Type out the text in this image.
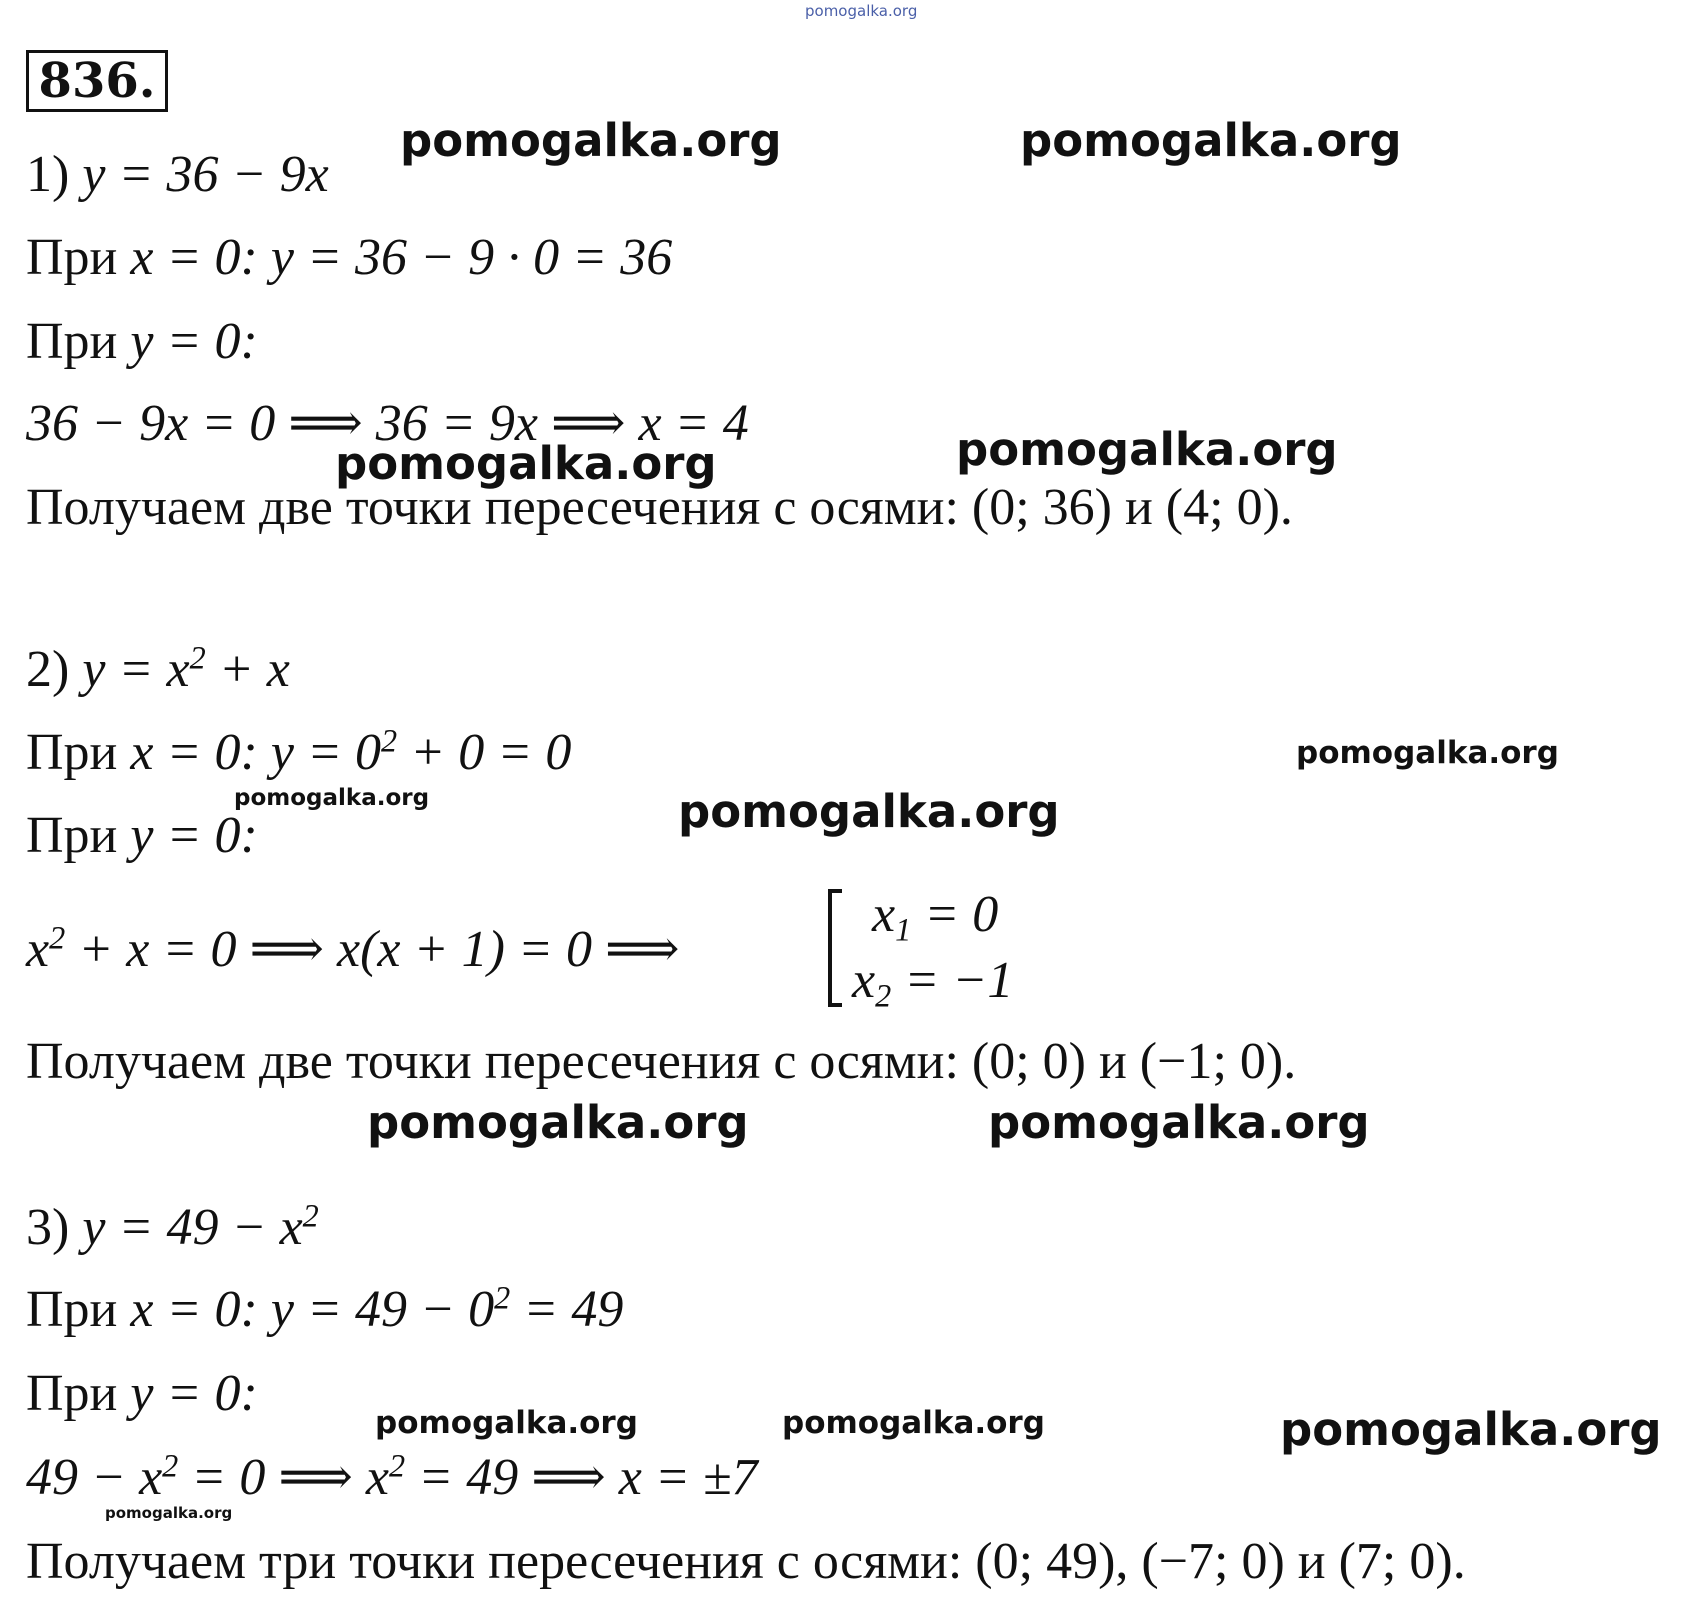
pomogalka.org
836.
1) y = 36 − 9x
При x = 0: y = 36 − 9 · 0 = 36
При y = 0:
36 − 9x = 0 ⟹ 36 = 9x ⟹ x = 4
Получаем две точки пересечения с осями: (0; 36) и (4; 0).
2) $y = x^2 + x$
При x = 0: $y = 0^2 + 0 = 0$
При y = 0:
$x^2 + x = 0$ ⟹ x(x + 1) = 0 ⟹
$x_1 = 0$
$x_2 = -1$
Получаем две точки пересечения с осями: (0; 0) и (−1; 0).
3) $y = 49 - x^2$
При x = 0: $y = 49 - 0^2 = 49$
При y = 0:
$49 - x^2 = 0$ ⟹ $x^2 = 49$ ⟹ x = ±7
Получаем три точки пересечения с осями: (0; 49), (−7; 0) и (7; 0).
pomogalka.org	pomogalka.org
pomogalka.org
pomogalka.org
pomogalka.org
pomogalka.org	pomogalka.org
pomogalka.org	pomogalka.org
pomogalka.org	pomogalka.org	pomogalka.org
pomogalka.org
